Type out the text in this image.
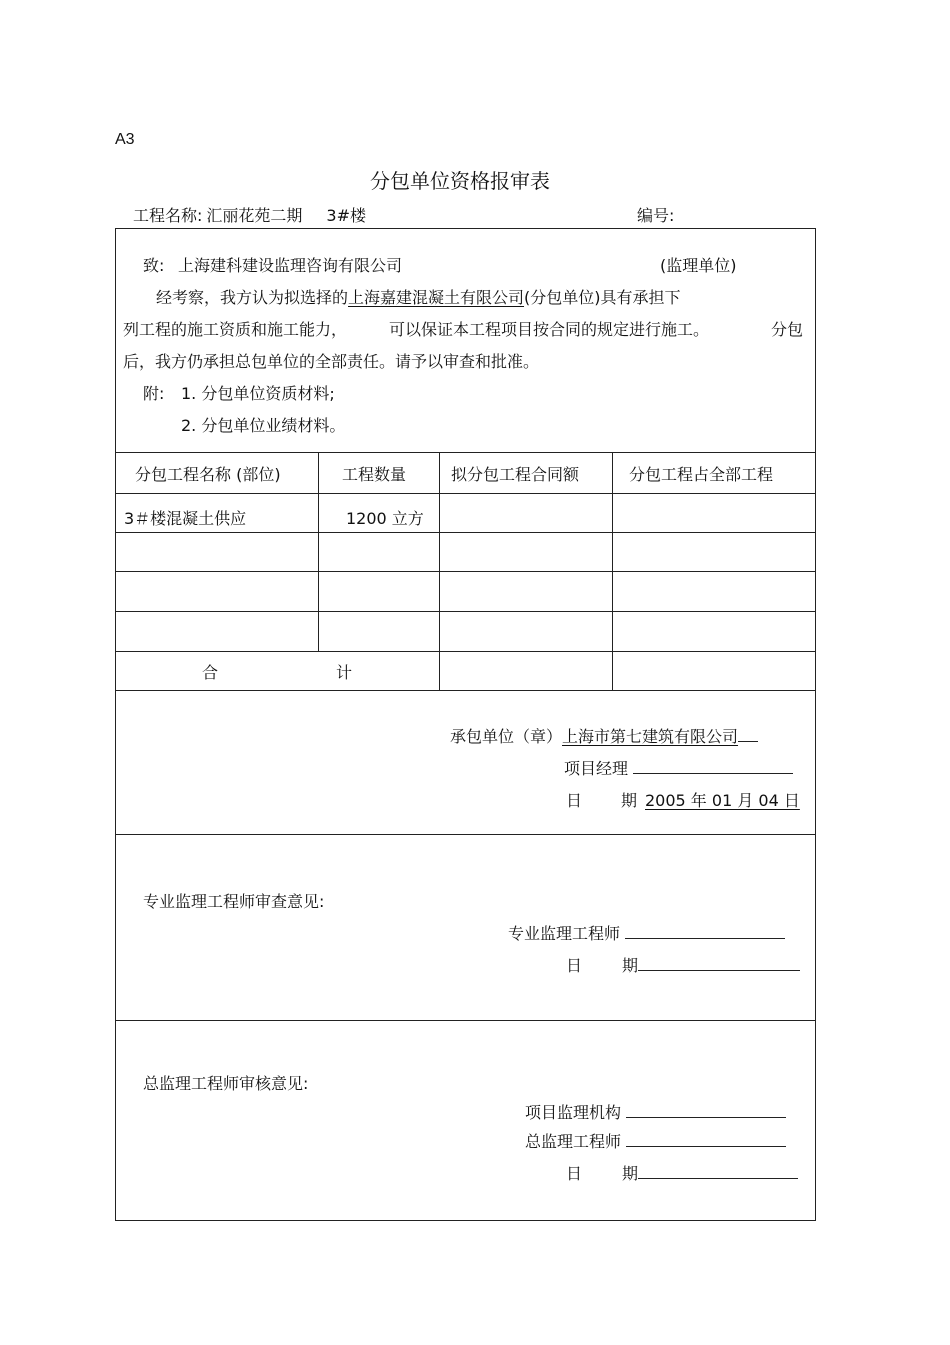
A3
分包单位资格报审表
工程名称: 汇丽花苑二期 3#楼	编号:
致: 上海建科建设监理咨询有限公司	(监理单位)
经考察，我方认为拟选择的上海嘉建混凝土有限公司(分包单位)具有承担下
列工程的施工资质和施工能力，	可以保证本工程项目按合同的规定进行施工。	分包
后，我方仍承担总包单位的全部责任。请予以审查和批准。
附: 1. 分包单位资质材料;
2. 分包单位业绩材料。
分包工程名称 (部位)	工程数量	拟分包工程合同额	分包工程占全部工程
3＃楼混凝土供应	1200 立方
合	计
承包单位（章）上海市第七建筑有限公司
项目经理
日 期 2005 年 01 月 04 日
专业监理工程师审查意见:
专业监理工程师
日	期
总监理工程师审核意见:
项目监理机构
总监理工程师
日	期
